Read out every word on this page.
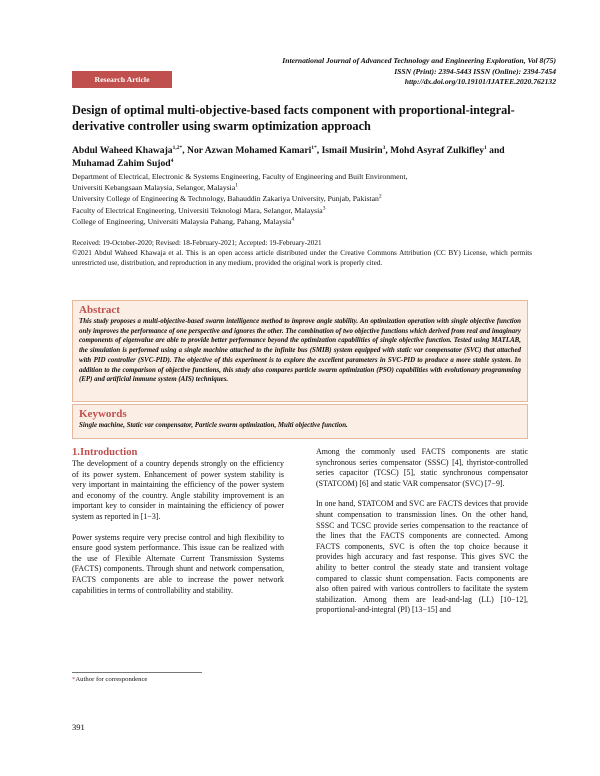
International Journal of Advanced Technology and Engineering Exploration, Vol 8(75)
ISSN (Print): 2394-5443 ISSN (Online): 2394-7454
http://dx.doi.org/10.19101/IJATEE.2020.762132
Research Article
Design of optimal multi-objective-based facts component with proportional-integral-derivative controller using swarm optimization approach
Abdul Waheed Khawaja$^{1,2*}$, Nor Azwan Mohamed Kamari$^{1*}$, Ismail Musirin$^3$, Mohd Asyraf Zulkifley$^1$ and Muhamad Zahim Sujod$^4$
Department of Electrical, Electronic & Systems Engineering, Faculty of Engineering and Built Environment,
Universiti Kebangsaan Malaysia, Selangor, Malaysia$^1$
University College of Engineering & Technology, Bahauddin Zakariya University, Punjab, Pakistan$^2$
Faculty of Electrical Engineering, Universiti Teknologi Mara, Selangor, Malaysia$^3$
College of Engineering, Universiti Malaysia Pahang, Pahang, Malaysia$^4$
Received: 19-October-2020; Revised: 18-February-2021; Accepted: 19-February-2021
©2021 Abdul Waheed Khawaja et al. This is an open access article distributed under the Creative Commons Attribution (CC BY) License, which permits unrestricted use, distribution, and reproduction in any medium, provided the original work is properly cited.
Abstract

This study proposes a multi-objective-based swarm intelligence method to improve angle stability. An optimization operation with single objective function only improves the performance of one perspective and ignores the other. The combination of two objective functions which derived from real and imaginary components of eigenvalue are able to provide better performance beyond the optimization capabilities of single objective function. Tested using MATLAB, the simulation is performed using a single machine attached to the infinite bus (SMIB) system equipped with static var compensator (SVC) that attached with PID controller (SVC-PID). The objective of this experiment is to explore the excellent parameters in SVC-PID to produce a more stable system. In addition to the comparison of objective functions, this study also compares particle swarm optimization (PSO) capabilities with evolutionary programming (EP) and artificial immune system (AIS) techniques.

Keywords

Single machine, Static var compensator, Particle swarm optimization, Multi objective function.

1.Introduction

The development of a country depends strongly on the efficiency of its power system. Enhancement of power system stability is very important in maintaining the efficiency of the power system and economy of the country. Angle stability improvement is an important key to consider in maintaining the efficiency of power system as reported in [1−3].

Power systems require very precise control and high flexibility to ensure good system performance. This issue can be realized with the use of Flexible Alternate Current Transmission Systems (FACTS) components. Through shunt and network compensation, FACTS components are able to increase the power network capabilities in terms of controllability and stability.

Among the commonly used FACTS components are static synchronous series compensator (SSSC) [4], thyristor-controlled series capacitor (TCSC) [5], static synchronous compensator (STATCOM) [6] and static VAR compensator (SVC) [7−9].

In one hand, STATCOM and SVC are FACTS devices that provide shunt compensation to transmission lines. On the other hand, SSSC and TCSC provide series compensation to the reactance of the lines that the FACTS components are connected. Among FACTS components, SVC is often the top choice because it provides high accuracy and fast response. This gives SVC the ability to better control the steady state and transient voltage compared to classic shunt compensation. Facts components are also often paired with various controllers to facilitate the system stabilization. Among them are lead-and-lag (LL) [10−12], proportional-and-integral (PI) [13−15] and

*Author for correspondence
391
